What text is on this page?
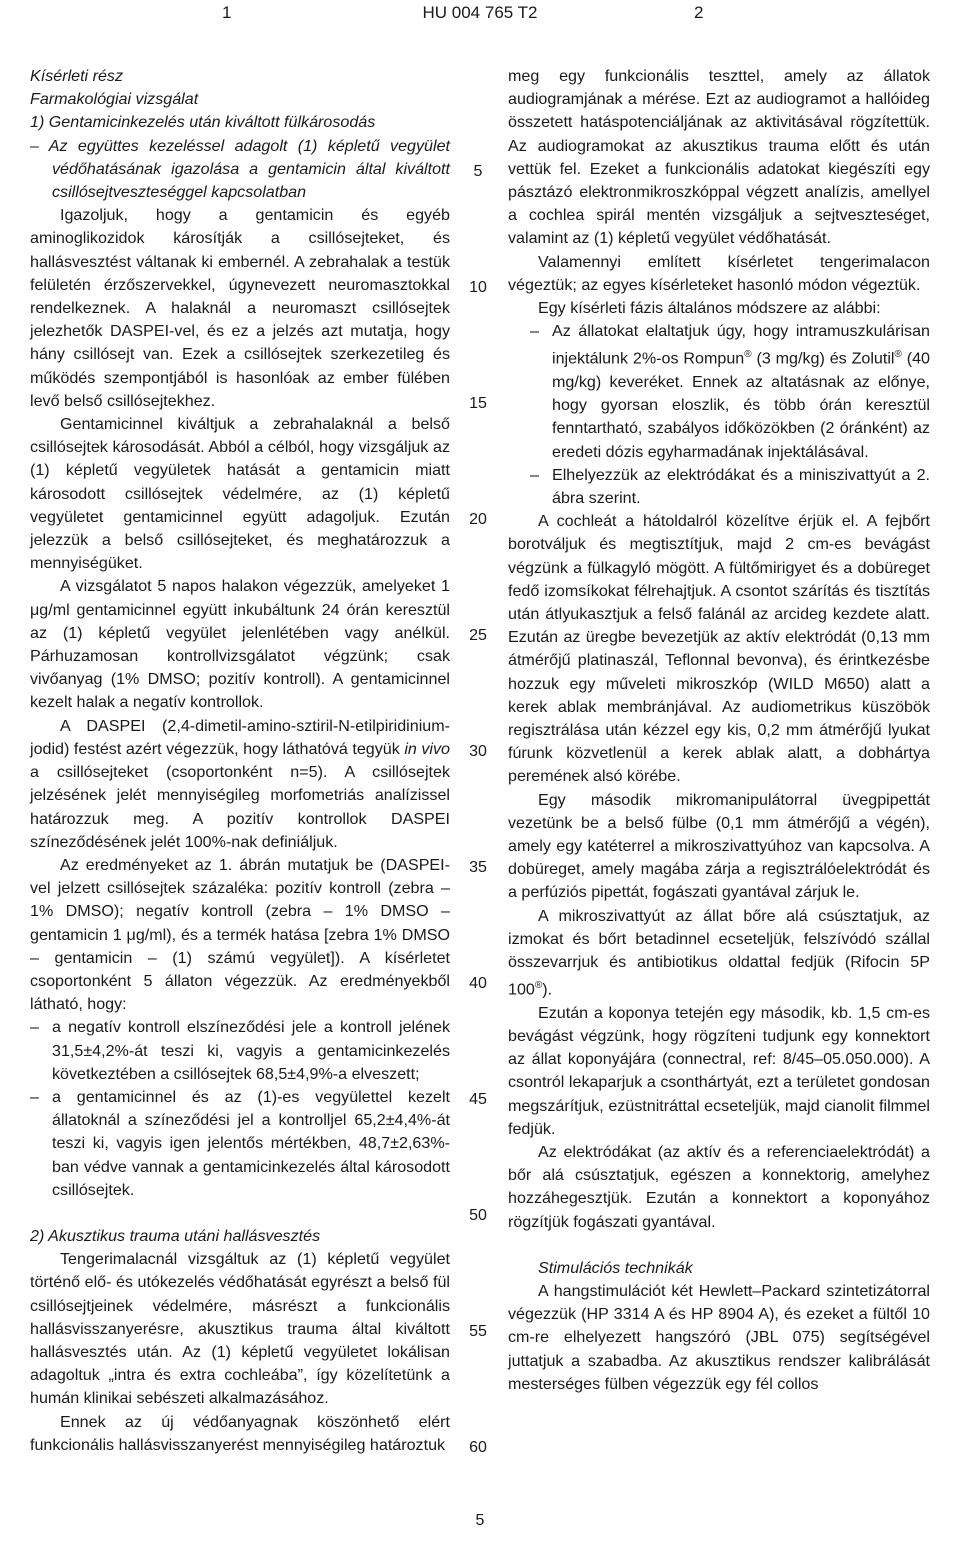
1	HU 004 765 T2	2

Kísérleti rész

Farmakológiai vizsgálat

1) Gentamicinkezelés után kiváltott fülkárosodás

– Az együttes kezeléssel adagolt (1) képletű vegyület védőhatásának igazolása a gentamicin által kiváltott csillósejtveszteséggel kapcsolatban

Igazoljuk, hogy a gentamicin és egyéb aminoglikozidok károsítják a csillósejteket, és hallásvesztést váltanak ki embernél. A zebrahalak a testük felületén érzőszervekkel, úgynevezett neuromasztokkal rendelkeznek. A halaknál a neuromaszt csillósejtek jelezhetők DASPEI-vel, és ez a jelzés azt mutatja, hogy hány csillósejt van. Ezek a csillósejtek szerkezetileg és működés szempontjából is hasonlóak az ember fülében levő belső csillósejtekhez.

Gentamicinnel kiváltjuk a zebrahalaknál a belső csillósejtek károsodását. Abból a célból, hogy vizsgáljuk az (1) képletű vegyületek hatását a gentamicin miatt károsodott csillósejtek védelmére, az (1) képletű vegyületet gentamicinnel együtt adagoljuk. Ezután jelezzük a belső csillósejteket, és meghatározzuk a mennyiségüket.

A vizsgálatot 5 napos halakon végezzük, amelyeket 1 μg/ml gentamicinnel együtt inkubáltunk 24 órán keresztül az (1) képletű vegyület jelenlétében vagy anélkül. Párhuzamosan kontrollvizsgálatot végzünk; csak vivőanyag (1% DMSO; pozitív kontroll). A gentamicinnel kezelt halak a negatív kontrollok.

A DASPEI (2,4-dimetil-amino-sztiril-N-etilpiridinium-jodid) festést azért végezzük, hogy láthatóvá tegyük in vivo a csillósejteket (csoportonként n=5). A csillósejtek jelzésének jelét mennyiségileg morfometriás analízissel határozzuk meg. A pozitív kontrollok DASPEI színeződésének jelét 100%-nak definiáljuk.

Az eredményeket az 1. ábrán mutatjuk be (DASPEI-vel jelzett csillósejtek százaléka: pozitív kontroll (zebra – 1% DMSO); negatív kontroll (zebra – 1% DMSO – gentamicin 1 μg/ml), és a termék hatása [zebra 1% DMSO – gentamicin – (1) számú vegyület]). A kísérletet csoportonként 5 állaton végezzük. Az eredményekből látható, hogy:

– a negatív kontroll elszíneződési jele a kontroll jelének 31,5±4,2%-át teszi ki, vagyis a gentamicinkezelés következtében a csillósejtek 68,5±4,9%-a elveszett;
– a gentamicinnel és az (1)-es vegyülettel kezelt állatoknál a színeződési jel a kontrolljel 65,2±4,4%-át teszi ki, vagyis igen jelentős mértékben, 48,7±2,63%-ban védve vannak a gentamicinkezelés által károsodott csillósejtek.

2) Akusztikus trauma utáni hallásvesztés

Tengerimalacnál vizsgáltuk az (1) képletű vegyület történő elő- és utókezelés védőhatását egyrészt a belső fül csillósejtjeinek védelmére, másrészt a funkcionális hallásvisszanyerésre, akusztikus trauma által kiváltott hallásvesztés után. Az (1) képletű vegyületet lokálisan adagoltuk „intra és extra cochleába”, így közelítetünk a humán klinikai sebészeti alkalmazásához.

Ennek az új védőanyagnak köszönhető elért funkcionális hallásvisszanyerést mennyiségileg határoztuk

meg egy funkcionális teszttel, amely az állatok audiogramjának a mérése. Ezt az audiogramot a hallóideg összetett hatáspotenciáljának az aktivitásával rögzítettük. Az audiogramokat az akusztikus trauma előtt és után vettük fel. Ezeket a funkcionális adatokat kiegészíti egy pásztázó elektronmikroszkóppal végzett analízis, amellyel a cochlea spirál mentén vizsgáljuk a sejtveszteséget, valamint az (1) képletű vegyület védőhatását.

Valamennyi említett kísérletet tengerimalacon végeztük; az egyes kísérleteket hasonló módon végeztük.

Egy kísérleti fázis általános módszere az alábbi:

– Az állatokat elaltatjuk úgy, hogy intramuszkulárisan injektálunk 2%-os Rompun® (3 mg/kg) és Zolutil® (40 mg/kg) keveréket. Ennek az altatásnak az előnye, hogy gyorsan eloszlik, és több órán keresztül fenntartható, szabályos időközökben (2 óránként) az eredeti dózis egyharmadának injektálásával.
– Elhelyezzük az elektródákat és a miniszivattyút a 2. ábra szerint.

A cochleát a hátoldalról közelítve érjük el. A fejbőrt borotváljuk és megtisztítjuk, majd 2 cm-es bevágást végzünk a fülkagyló mögött. A fültőmirigyet és a dobüreget fedő izomsíkokat félrehajtjuk. A csontot szárítás és tisztítás után átlyukasztjuk a felső falánál az arcideg kezdete alatt. Ezután az üregbe bevezetjük az aktív elektródát (0,13 mm átmérőjű platinaszál, Teflonnal bevonva), és érintkezésbe hozzuk egy műveleti mikroszkóp (WILD M650) alatt a kerek ablak membránjával. Az audiometrikus küszöbök regisztrálása után kézzel egy kis, 0,2 mm átmérőjű lyukat fúrunk közvetlenül a kerek ablak alatt, a dobhártya peremének alsó körébe.

Egy második mikromanipulátorral üvegpipettát vezetünk be a belső fülbe (0,1 mm átmérőjű a végén), amely egy katéterrel a mikroszivattyúhoz van kapcsolva. A dobüreget, amely magába zárja a regisztrálóelektródát és a perfúziós pipettát, fogászati gyantával zárjuk le.

A mikroszivattyút az állat bőre alá csúsztatjuk, az izmokat és bőrt betadinnel ecseteljük, felszívódó szállal összevarrjuk és antibiotikus oldattal fedjük (Rifocin 5P 100®).

Ezután a koponya tetején egy második, kb. 1,5 cm-es bevágást végzünk, hogy rögzíteni tudjunk egy konnektort az állat koponyájára (connectral, ref: 8/45–05.050.000). A csontról lekaparjuk a csonthártyát, ezt a területet gondosan megszárítjuk, ezüstnitráttal ecseteljük, majd cianolit filmmel fedjük.

Az elektródákat (az aktív és a referenciaelektródát) a bőr alá csúsztatjuk, egészen a konnektorig, amelyhez hozzáhegesztjük. Ezután a konnektort a koponyához rögzítjük fogászati gyantával.

Stimulációs technikák

A hangstimulációt két Hewlett–Packard szintetizátorral végezzük (HP 3314 A és HP 8904 A), és ezeket a fültől 10 cm-re elhelyezett hangszóró (JBL 075) segítségével juttatjuk a szabadba. Az akusztikus rendszer kalibrálását mesterséges fülben végezzük egy fél collos

5
10
15
20
25
30
35
40
45
50
55
60
5
